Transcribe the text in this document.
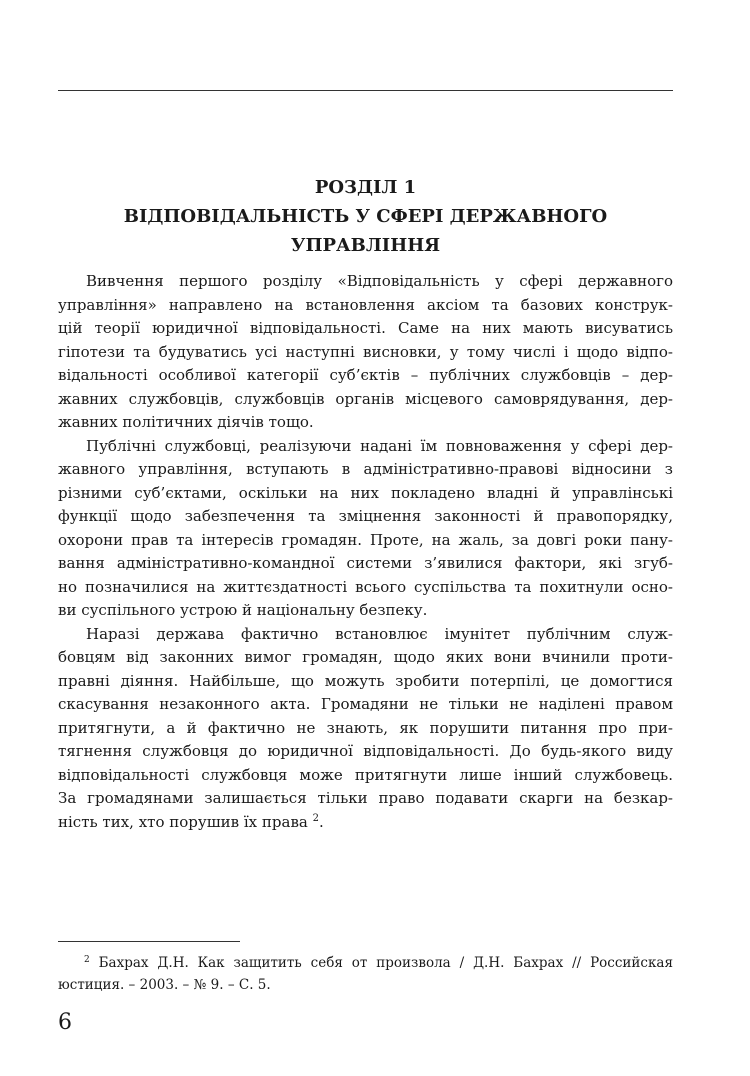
РОЗДІЛ 1
ВІДПОВІДАЛЬНІСТЬ У СФЕРІ ДЕРЖАВНОГО
УПРАВЛІННЯ

Вивчення першого розділу «Відповідальність у сфері державного
управління» направлено на встановлення аксіом та базових конструк-
цій теорії юридичної відповідальності. Саме на них мають висуватись
гіпотези та будуватись усі наступні висновки, у тому числі і щодо відпо-
відальності особливої категорії суб’єктів – публічних службовців – дер-
жавних службовців, службовців органів місцевого самоврядування, дер-
жавних політичних діячів тощо.

Публічні службовці, реалізуючи надані їм повноваження у сфері дер-
жавного управління, вступають в адміністративно-правові відносини з
різними суб’єктами, оскільки на них покладено владні й управлінські
функції щодо забезпечення та зміцнення законності й правопорядку,
охорони прав та інтересів громадян. Проте, на жаль, за довгі роки пану-
вання адміністративно-командної системи з’явилися фактори, які згуб-
но позначилися на життєздатності всього суспільства та похитнули осно-
ви суспільного устрою й національну безпеку.

Наразі держава фактично встановлює імунітет публічним служ-
бовцям від законних вимог громадян, щодо яких вони вчинили проти-
правні діяння. Найбільше, що можуть зробити потерпілі, це домогтися
скасування незаконного акта. Громадяни не тільки не наділені правом
притягнути, а й фактично не знають, як порушити питання про при-
тягнення службовця до юридичної відповідальності. До будь-якого виду
відповідальності службовця може притягнути лише інший службовець.
За громадянами залишається тільки право подавати скарги на безкар-
ність тих, хто порушив їх права $^2$.

$^2$ Бахрах Д.Н. Как защитить себя от произвола / Д.Н. Бахрах // Российская
юстиция. – 2003. – № 9. – С. 5.
6
